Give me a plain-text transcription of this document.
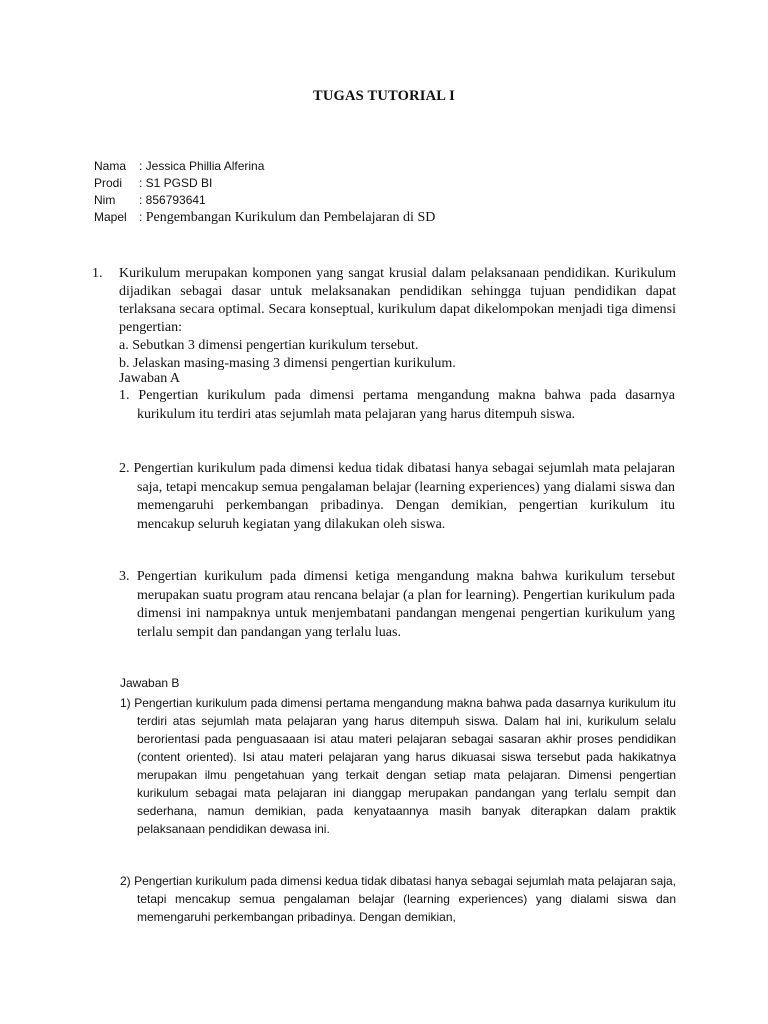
TUGAS TUTORIAL I
Nama : Jessica Phillia Alferina
Prodi : S1 PGSD BI
Nim : 856793641
Mapel : Pengembangan Kurikulum dan Pembelajaran di SD
1. Kurikulum merupakan komponen yang sangat krusial dalam pelaksanaan pendidikan. Kurikulum dijadikan sebagai dasar untuk melaksanakan pendidikan sehingga tujuan pendidikan dapat terlaksana secara optimal. Secara konseptual, kurikulum dapat dikelompokan menjadi tiga dimensi pengertian:
a. Sebutkan 3 dimensi pengertian kurikulum tersebut.
b. Jelaskan masing-masing 3 dimensi pengertian kurikulum.
Jawaban A
1. Pengertian kurikulum pada dimensi pertama mengandung makna bahwa pada dasarnya kurikulum itu terdiri atas sejumlah mata pelajaran yang harus ditempuh siswa.
2. Pengertian kurikulum pada dimensi kedua tidak dibatasi hanya sebagai sejumlah mata pelajaran saja, tetapi mencakup semua pengalaman belajar (learning experiences) yang dialami siswa dan memengaruhi perkembangan pribadinya. Dengan demikian, pengertian kurikulum itu mencakup seluruh kegiatan yang dilakukan oleh siswa.
3. Pengertian kurikulum pada dimensi ketiga mengandung makna bahwa kurikulum tersebut merupakan suatu program atau rencana belajar (a plan for learning). Pengertian kurikulum pada dimensi ini nampaknya untuk menjembatani pandangan mengenai pengertian kurikulum yang terlalu sempit dan pandangan yang terlalu luas.
Jawaban B
1) Pengertian kurikulum pada dimensi pertama mengandung makna bahwa pada dasarnya kurikulum itu terdiri atas sejumlah mata pelajaran yang harus ditempuh siswa. Dalam hal ini, kurikulum selalu berorientasi pada penguasaaan isi atau materi pelajaran sebagai sasaran akhir proses pendidikan (content oriented). Isi atau materi pelajaran yang harus dikuasai siswa tersebut pada hakikatnya merupakan ilmu pengetahuan yang terkait dengan setiap mata pelajaran. Dimensi pengertian kurikulum sebagai mata pelajaran ini dianggap merupakan pandangan yang terlalu sempit dan sederhana, namun demikian, pada kenyataannya masih banyak diterapkan dalam praktik pelaksanaan pendidikan dewasa ini.
2) Pengertian kurikulum pada dimensi kedua tidak dibatasi hanya sebagai sejumlah mata pelajaran saja, tetapi mencakup semua pengalaman belajar (learning experiences) yang dialami siswa dan memengaruhi perkembangan pribadinya. Dengan demikian,
